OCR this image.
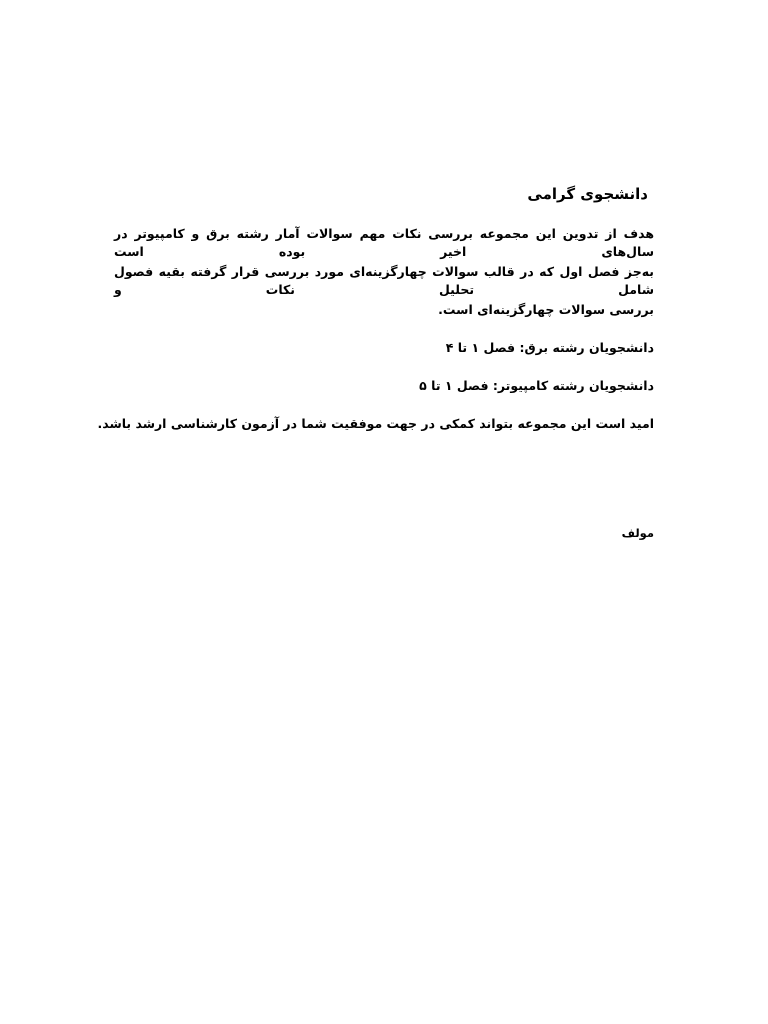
دانشجوی گرامی
هدف از تدوین این مجموعه بررسی نکات مهم سوالات آمار رشته برق و کامپیوتر در سال‌های اخیر بوده است
به‌جز فصل اول که در قالب سوالات چهارگزینه‌ای مورد بررسی قرار گرفته بقیه فصول شامل تحلیل نکات و
بررسی سوالات چهارگزینه‌ای است.
دانشجویان رشته برق: فصل ۱ تا ۴
دانشجویان رشته کامپیوتر: فصل ۱ تا ۵
امید است این مجموعه بتواند کمکی در جهت موفقیت شما در آزمون کارشناسی ارشد باشد.
مولف
